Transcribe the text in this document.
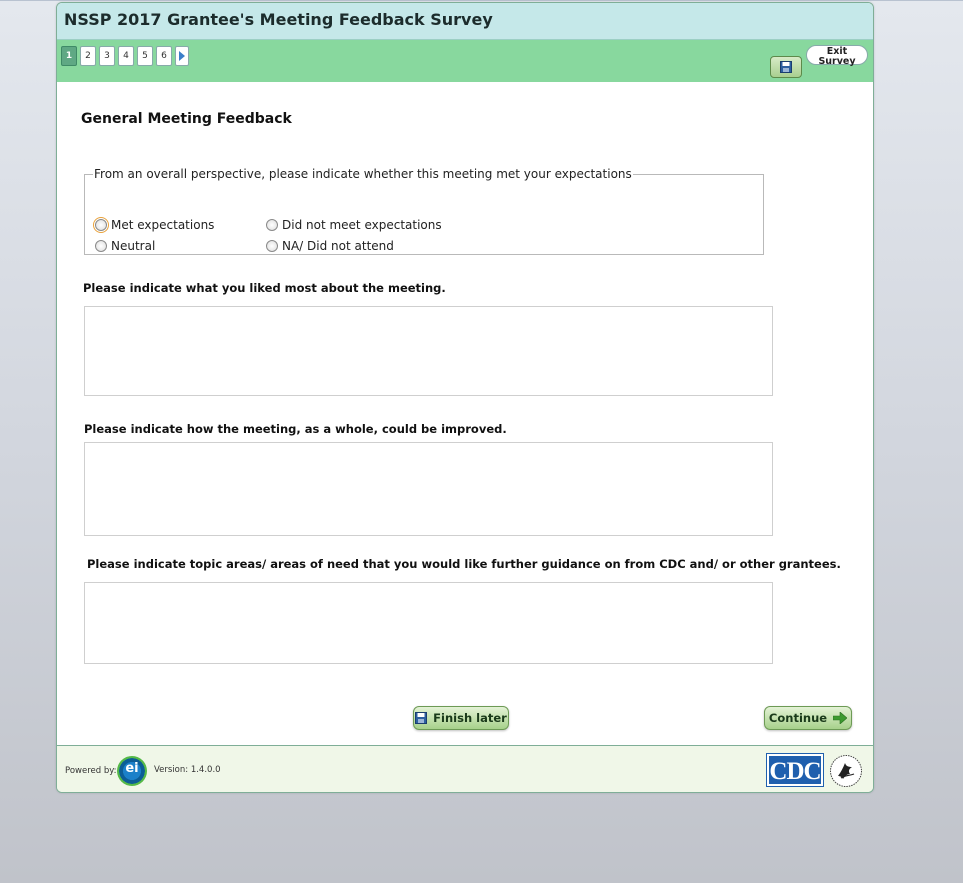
NSSP 2017 Grantee's Meeting Feedback Survey
1	2	3	4	5	6	Exit Survey
General Meeting Feedback
From an overall perspective, please indicate whether this meeting met your expectations
Met expectations	Did not meet expectations
Neutral	NA/ Did not attend
Please indicate what you liked most about the meeting.
Please indicate how the meeting, as a whole, could be improved.
Please indicate topic areas/ areas of need that you would like further guidance on from CDC and/ or other grantees.
Finish later	Continue
Powered by: ei	Version: 1.4.0.0	CDC
